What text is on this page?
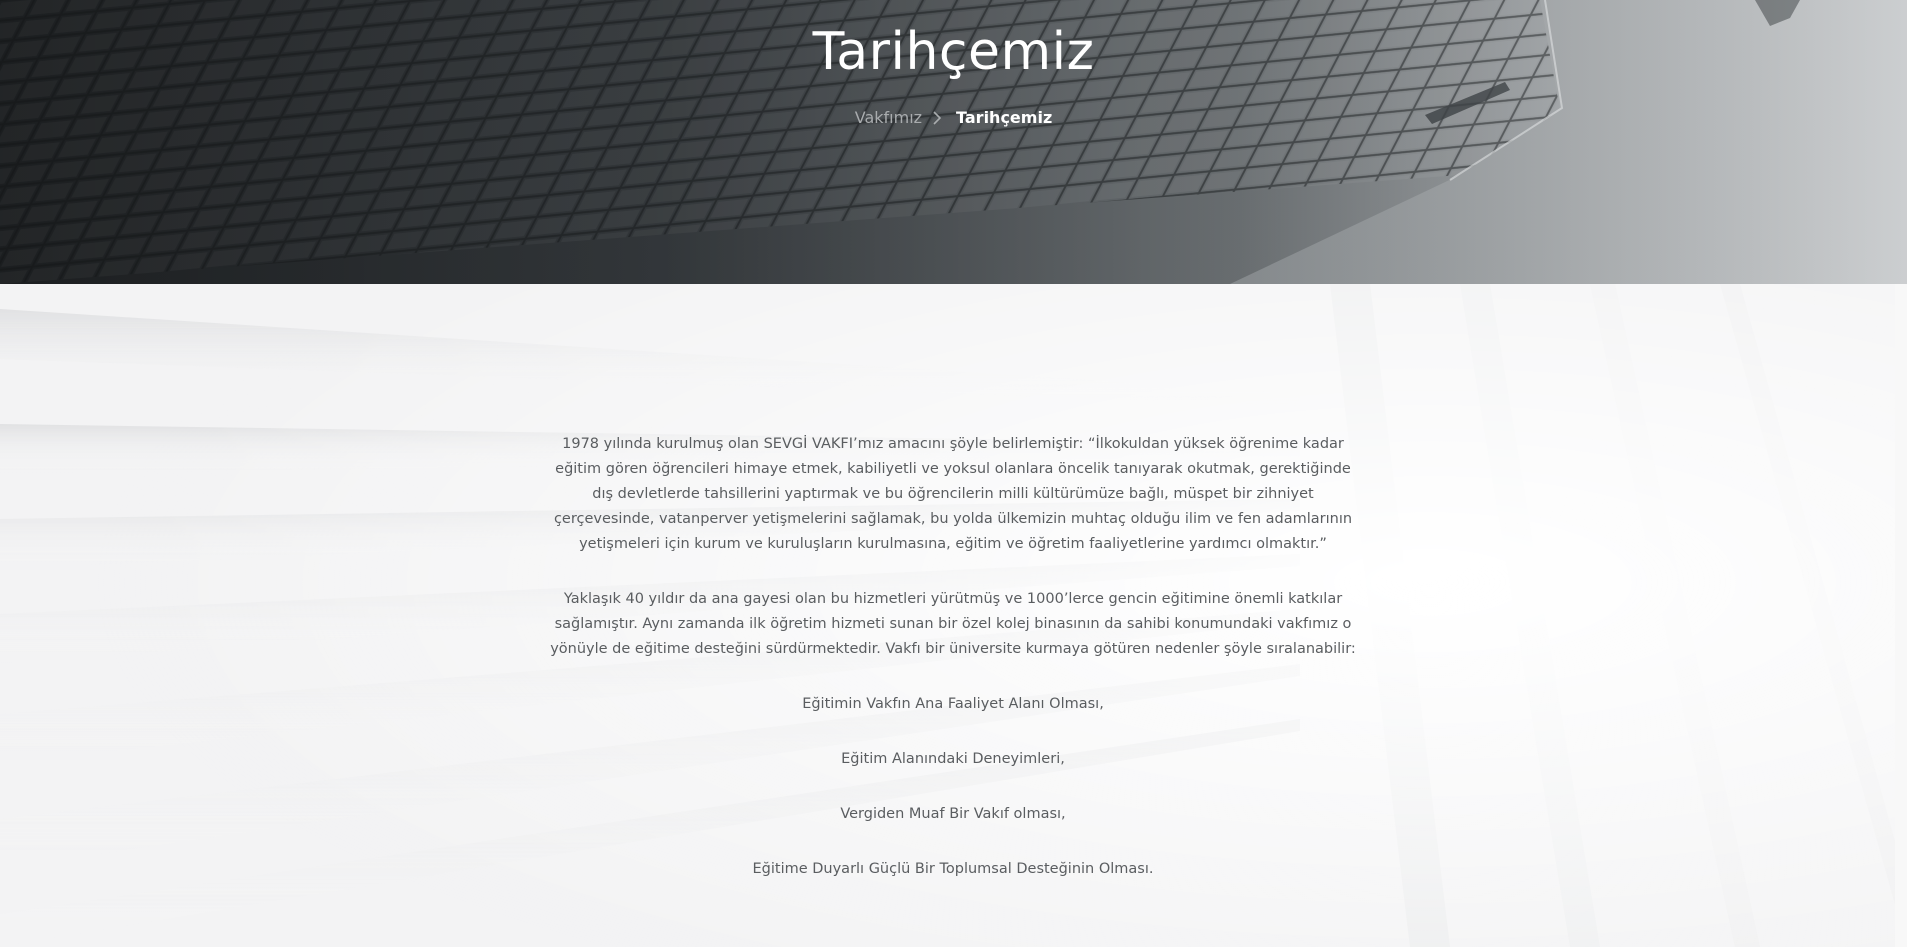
Tarihçemiz
Vakfımız Tarihçemiz

1978 yılında kurulmuş olan SEVGİ VAKFI’mız amacını şöyle belirlemiştir: “İlkokuldan yüksek öğrenime kadar eğitim gören öğrencileri himaye etmek, kabiliyetli ve yoksul olanlara öncelik tanıyarak okutmak, gerektiğinde dış devletlerde tahsillerini yaptırmak ve bu öğrencilerin milli kültürümüze bağlı, müspet bir zihniyet çerçevesinde, vatanperver yetişmelerini sağlamak, bu yolda ülkemizin muhtaç olduğu ilim ve fen adamlarının yetişmeleri için kurum ve kuruluşların kurulmasına, eğitim ve öğretim faaliyetlerine yardımcı olmaktır.”

Yaklaşık 40 yıldır da ana gayesi olan bu hizmetleri yürütmüş ve 1000’lerce gencin eğitimine önemli katkılar sağlamıştır. Aynı zamanda ilk öğretim hizmeti sunan bir özel kolej binasının da sahibi konumundaki vakfımız o yönüyle de eğitime desteğini sürdürmektedir. Vakfı bir üniversite kurmaya götüren nedenler şöyle sıralanabilir:

Eğitimin Vakfın Ana Faaliyet Alanı Olması,

Eğitim Alanındaki Deneyimleri,

Vergiden Muaf Bir Vakıf olması,

Eğitime Duyarlı Güçlü Bir Toplumsal Desteğinin Olması.
